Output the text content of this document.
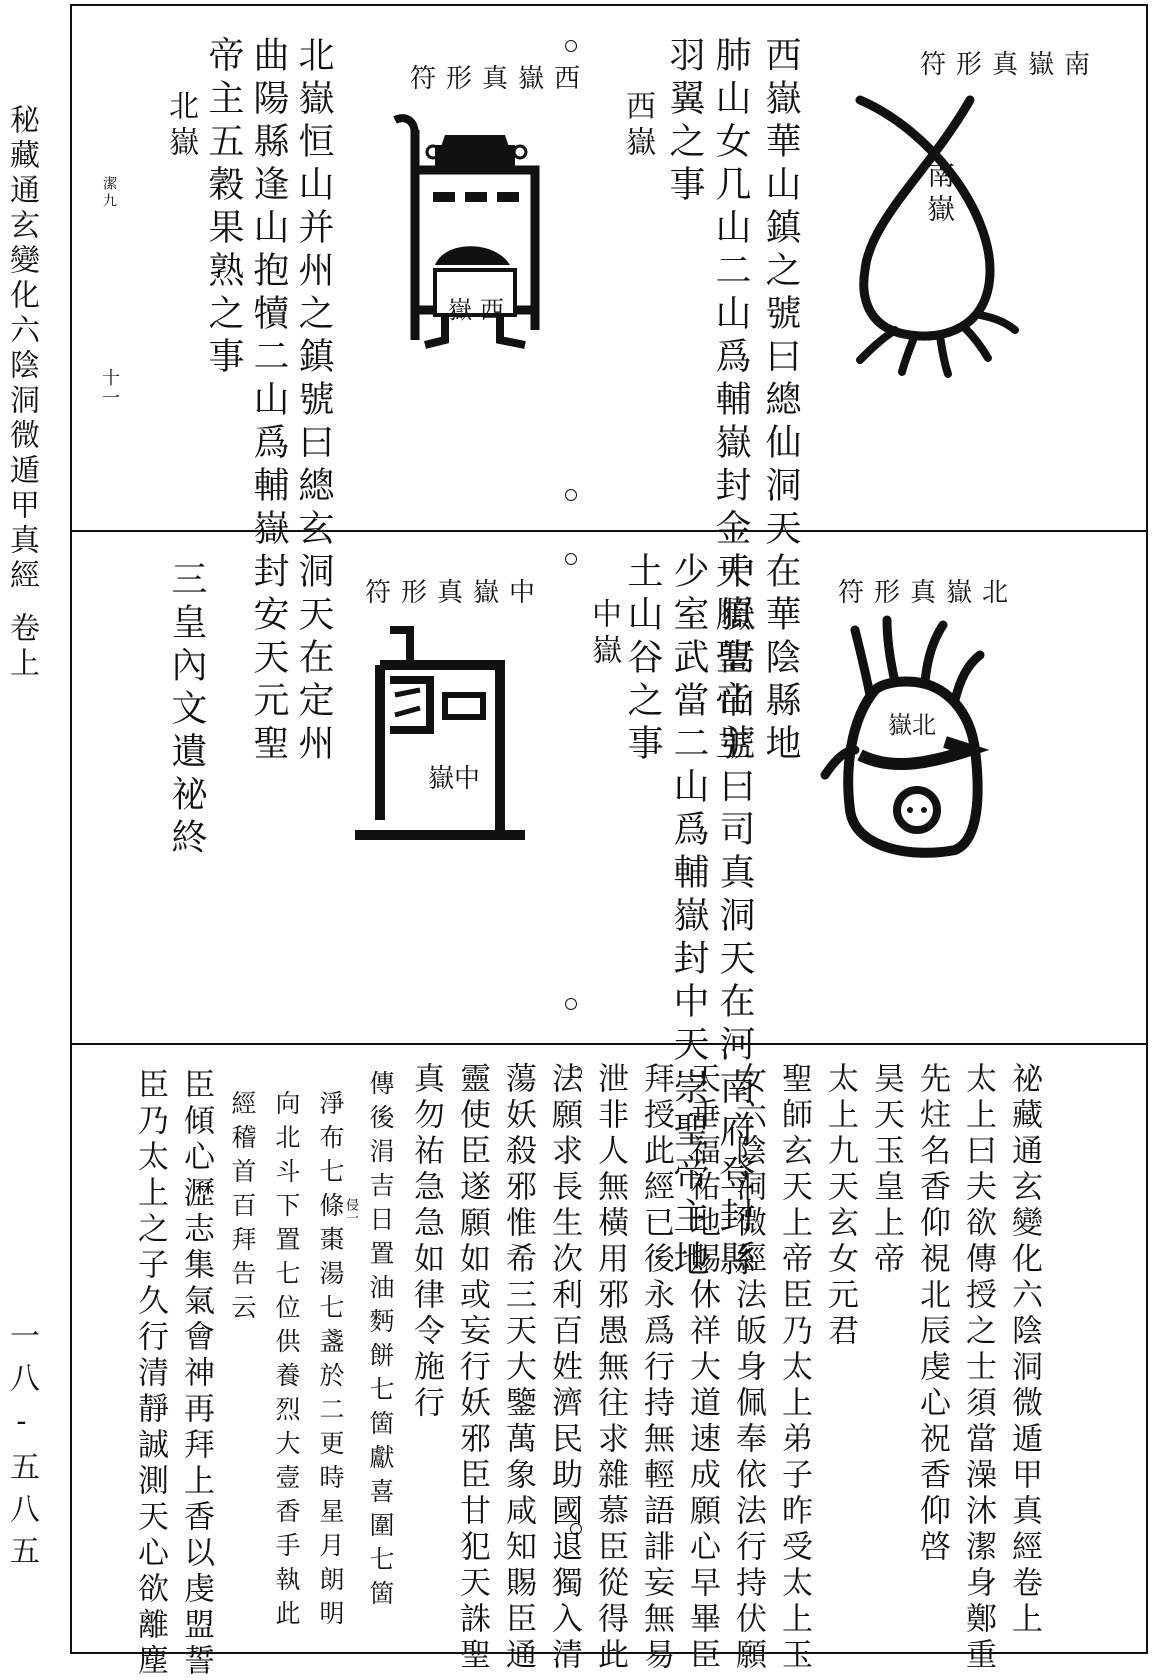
秘藏通玄變化六陰洞微遁甲真經
卷上
一八-五八五
南嶽真形符
南嶽
西嶽華山鎮之號曰總仙洞天在華陰縣地
肺山女几山二山爲輔嶽封金天順聖帝主
羽翼之事
西嶽
西嶽真形符
西
嶽
北嶽恒山并州之鎮號曰總玄洞天在定州
曲陽縣逢山抱犢二山爲輔嶽封安天元聖
帝主五穀果熟之事
北嶽
潔九
十一
北嶽真形符
北嶽
中嶽嵩山號曰司真洞天在河南府登封縣
少室武當二山爲輔嶽封中天崇聖帝主地
土山谷之事
中嶽
中嶽真形符
中嶽
三皇內文遺祕終
祕藏通玄變化六陰洞微遁甲真經卷上
太上曰夫欲傳授之士須當澡沐潔身鄭重
先炷名香仰視北辰虔心祝香仰啓
昊天玉皇上帝
太上九天玄女元君
聖師玄天上帝臣乃太上弟子昨受太上玉
女六陰洞微經法皈身佩奉依法行持伏願
天垂福祐地賜休祥大道速成願心早畢臣
拜授此經已後永爲行持無輕語誹妄無易
泄非人無橫用邪愚無往求雜慕臣從得此
法願求長生次利百姓濟民助國退獨入清
蕩妖殺邪惟希三天大鑒萬象咸知賜臣通
靈使臣遂願如或妄行妖邪臣甘犯天誅聖
真勿祐急急如律令施行
傳後涓吉日置油麪餅七箇獻喜圍七箇
淨布七條棗湯七盞於二更時星月朗明
向北斗下置七位供養烈大壹香手執此
經稽首百拜告云
臣傾心瀝志集氣會神再拜上香以虔盟誓
臣乃太上之子久行清靜誠測天心欲離塵	侵一
